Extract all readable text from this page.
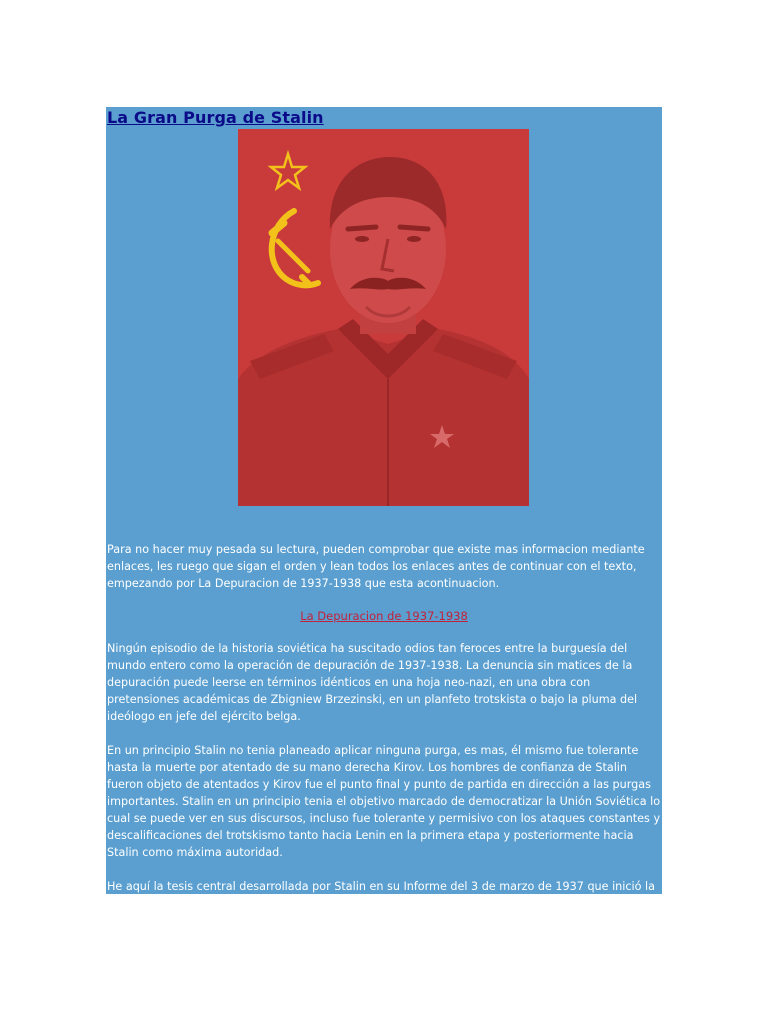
La Gran Purga de Stalin

Para no hacer muy pesada su lectura, pueden comprobar que existe mas informacion mediante enlaces, les ruego que sigan el orden y lean todos los enlaces antes de continuar con el texto, empezando por La Depuracion de 1937-1938 que esta acontinuacion.

La Depuracion de 1937-1938

Ningún episodio de la historia soviética ha suscitado odios tan feroces entre la burguesía del mundo entero como la operación de depuración de 1937-1938. La denuncia sin matices de la depuración puede leerse en términos idénticos en una hoja neo-nazi, en una obra con pretensiones académicas de Zbigniew Brzezinski, en un planfeto trotskista o bajo la pluma del ideólogo en jefe del ejército belga.

En un principio Stalin no tenia planeado aplicar ninguna purga, es mas, él mismo fue tolerante hasta la muerte por atentado de su mano derecha Kirov. Los hombres de confianza de Stalin fueron objeto de atentados y Kirov fue el punto final y punto de partida en dirección a las purgas importantes. Stalin en un principio tenia el objetivo marcado de democratizar la Unión Soviética lo cual se puede ver en sus discursos, incluso fue tolerante y permisivo con los ataques constantes y descalificaciones del trotskismo tanto hacia Lenin en la primera etapa y posteriormente hacia Stalin como máxima autoridad.

He aquí la tesis central desarrollada por Stalin en su Informe del 3 de marzo de 1937 que inició la
